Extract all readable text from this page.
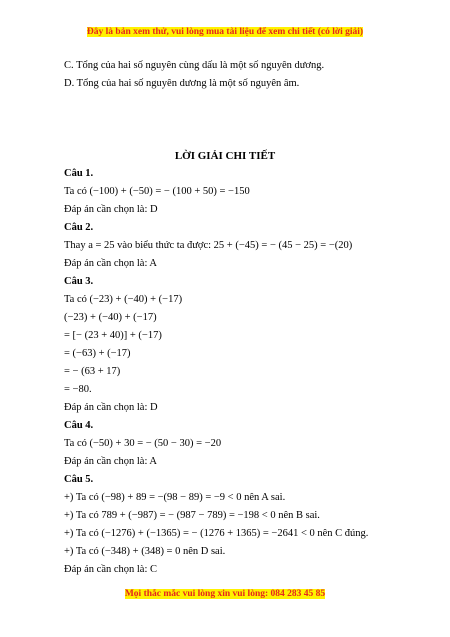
Đây là bản xem thử, vui lòng mua tài liệu để xem chi tiết (có lời giải)
C. Tổng của hai số nguyên cùng dấu là một số nguyên dương.
D. Tổng của hai số nguyên dương là một số nguyên âm.
LỜI GIẢI CHI TIẾT
Câu 1.
Ta có (−100) + (−50) = − (100 + 50) = −150
Đáp án cần chọn là: D
Câu 2.
Thay a = 25 vào biểu thức ta được: 25 + (−45) = − (45 − 25) = −(20)
Đáp án cần chọn là: A
Câu 3.
Ta có (−23) + (−40) + (−17)
(−23) + (−40) + (−17)
= [− (23 + 40)] + (−17)
= (−63) + (−17)
= − (63 + 17)
= −80.
Đáp án cần chọn là: D
Câu 4.
Ta có (−50) + 30 = − (50 − 30) = −20
Đáp án cần chọn là: A
Câu 5.
+) Ta có (−98) + 89 = −(98 − 89) = −9 < 0 nên A sai.
+) Ta có 789 + (−987) = − (987 − 789) = −198 < 0 nên B sai.
+) Ta có (−1276) + (−1365) = − (1276 + 1365) = −2641 < 0 nên C đúng.
+) Ta có (−348) + (348) = 0 nên D sai.
Đáp án cần chọn là: C
Mọi thắc mắc vui lòng xin vui lòng: 084 283 45 85
